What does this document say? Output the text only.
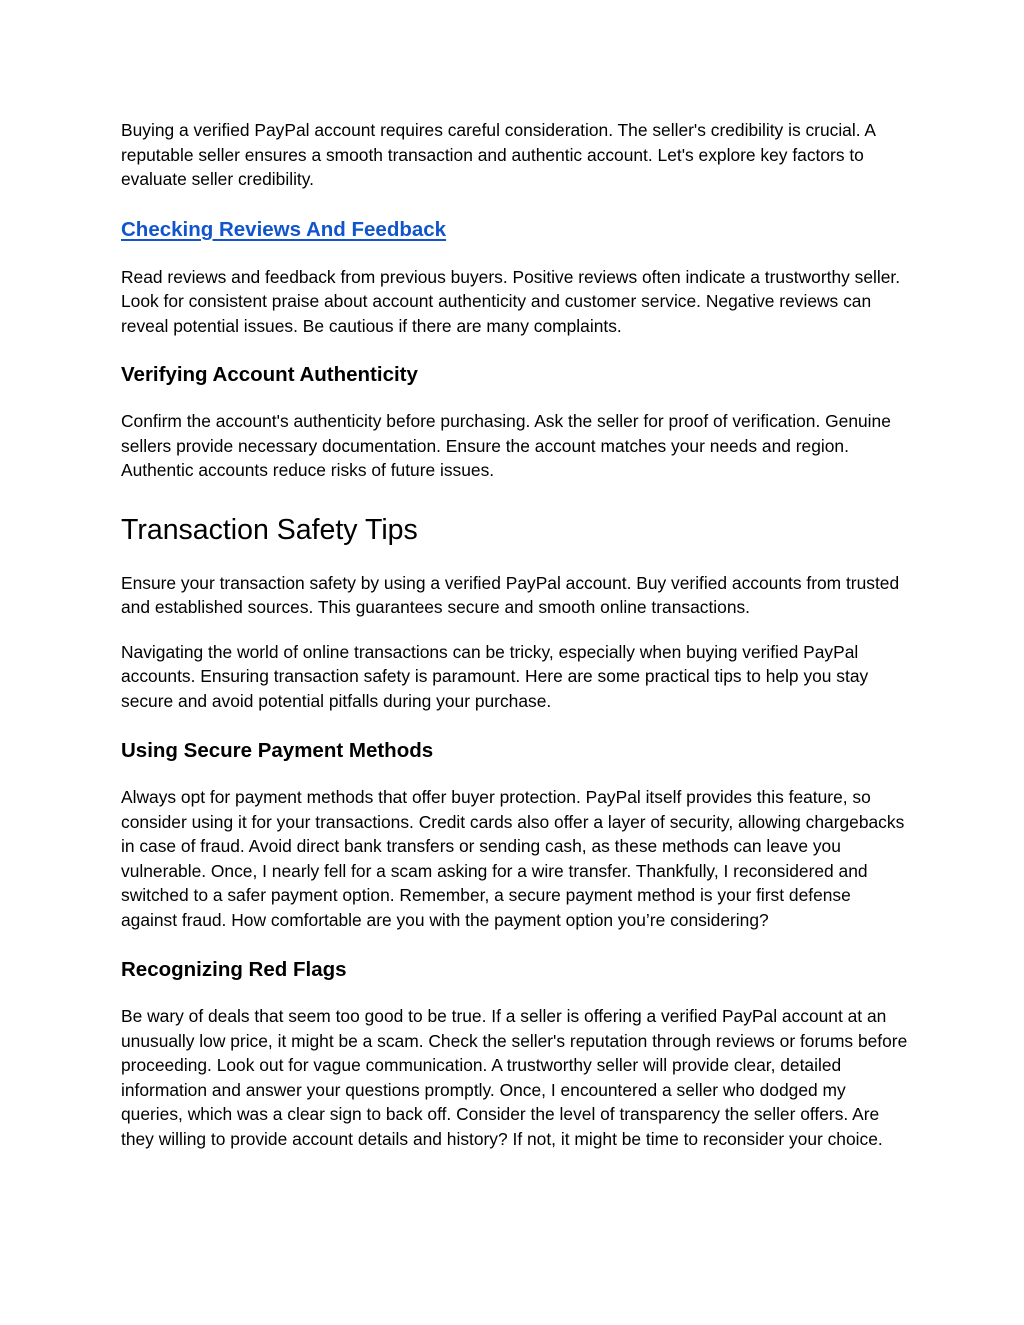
Buying a verified PayPal account requires careful consideration. The seller's credibility is crucial. A reputable seller ensures a smooth transaction and authentic account. Let's explore key factors to evaluate seller credibility.

Checking Reviews And Feedback

Read reviews and feedback from previous buyers. Positive reviews often indicate a trustworthy seller. Look for consistent praise about account authenticity and customer service. Negative reviews can reveal potential issues. Be cautious if there are many complaints.

Verifying Account Authenticity

Confirm the account's authenticity before purchasing. Ask the seller for proof of verification. Genuine sellers provide necessary documentation. Ensure the account matches your needs and region. Authentic accounts reduce risks of future issues.

Transaction Safety Tips

Ensure your transaction safety by using a verified PayPal account. Buy verified accounts from trusted and established sources. This guarantees secure and smooth online transactions.

Navigating the world of online transactions can be tricky, especially when buying verified PayPal accounts. Ensuring transaction safety is paramount. Here are some practical tips to help you stay secure and avoid potential pitfalls during your purchase.

Using Secure Payment Methods

Always opt for payment methods that offer buyer protection. PayPal itself provides this feature, so consider using it for your transactions. Credit cards also offer a layer of security, allowing chargebacks in case of fraud. Avoid direct bank transfers or sending cash, as these methods can leave you vulnerable. Once, I nearly fell for a scam asking for a wire transfer. Thankfully, I reconsidered and switched to a safer payment option. Remember, a secure payment method is your first defense against fraud. How comfortable are you with the payment option you’re considering?

Recognizing Red Flags

Be wary of deals that seem too good to be true. If a seller is offering a verified PayPal account at an unusually low price, it might be a scam. Check the seller's reputation through reviews or forums before proceeding. Look out for vague communication. A trustworthy seller will provide clear, detailed information and answer your questions promptly. Once, I encountered a seller who dodged my queries, which was a clear sign to back off. Consider the level of transparency the seller offers. Are they willing to provide account details and history? If not, it might be time to reconsider your choice.
